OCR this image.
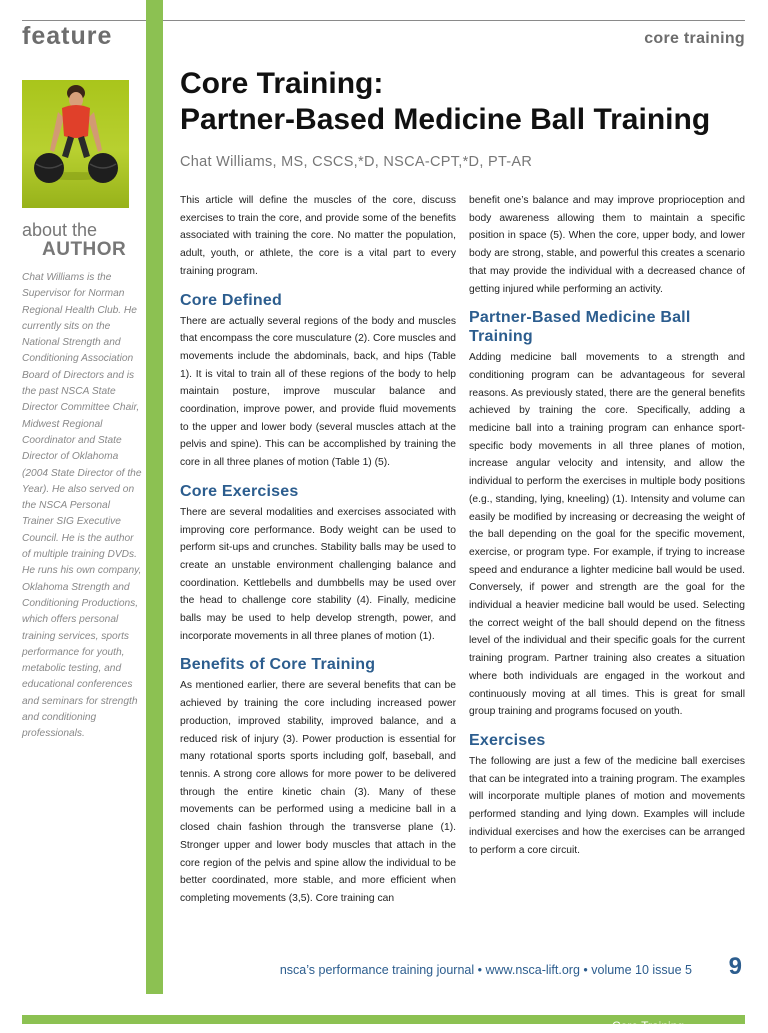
feature	core training
about the
AUTHOR
Chat Williams is the Supervisor for Norman Regional Health Club. He currently sits on the National Strength and Conditioning Association Board of Directors and is the past NSCA State Director Committee Chair, Midwest Regional Coordinator and State Director of Oklahoma (2004 State Director of the Year). He also served on the NSCA Personal Trainer SIG Executive Council. He is the author of multiple training DVDs. He runs his own company, Oklahoma Strength and Conditioning Productions, which offers personal training services, sports performance for youth, metabolic testing, and educational conferences and seminars for strength and conditioning professionals.
Core Training:
Partner-Based Medicine Ball Training
Chat Williams, MS, CSCS,*D, NSCA-CPT,*D, PT-AR

This article will define the muscles of the core, discuss exercises to train the core, and provide some of the benefits associated with training the core. No matter the population, adult, youth, or athlete, the core is a vital part to every training program.

Core Defined

There are actually several regions of the body and muscles that encompass the core musculature (2). Core muscles and movements include the abdominals, back, and hips (Table 1). It is vital to train all of these regions of the body to help maintain posture, improve muscular balance and coordination, improve power, and provide fluid movements to the upper and lower body (several muscles attach at the pelvis and spine). This can be accomplished by training the core in all three planes of motion (Table 1) (5).

Core Exercises

There are several modalities and exercises associated with improving core performance. Body weight can be used to perform sit-ups and crunches. Stability balls may be used to create an unstable environment challenging balance and coordination. Kettlebells and dumbbells may be used over the head to challenge core stability (4). Finally, medicine balls may be used to help develop strength, power, and incorporate movements in all three planes of motion (1).

Benefits of Core Training

As mentioned earlier, there are several benefits that can be achieved by training the core including increased power production, improved stability, improved balance, and a reduced risk of injury (3). Power production is essential for many rotational sports sports including golf, baseball, and tennis. A strong core allows for more power to be delivered through the entire kinetic chain (3). Many of these movements can be performed using a medicine ball in a closed chain fashion through the transverse plane (1). Stronger upper and lower body muscles that attach in the core region of the pelvis and spine allow the individual to be better coordinated, more stable, and more efficient when completing movements (3,5). Core training can

benefit one’s balance and may improve proprioception and body awareness allowing them to maintain a specific position in space (5). When the core, upper body, and lower body are strong, stable, and powerful this creates a scenario that may provide the individual with a decreased chance of getting injured while performing an activity.

Partner-Based Medicine Ball Training

Adding medicine ball movements to a strength and conditioning program can be advantageous for several reasons. As previously stated, there are the general benefits achieved by training the core. Specifically, adding a medicine ball into a training program can enhance sport-specific body movements in all three planes of motion, increase angular velocity and intensity, and allow the individual to perform the exercises in multiple body positions (e.g., standing, lying, kneeling) (1). Intensity and volume can easily be modified by increasing or decreasing the weight of the ball depending on the goal for the specific movement, exercise, or program type. For example, if trying to increase speed and endurance a lighter medicine ball would be used. Conversely, if power and strength are the goal for the individual a heavier medicine ball would be used. Selecting the correct weight of the ball should depend on the fitness level of the individual and their specific goals for the current training program. Partner training also creates a situation where both individuals are engaged in the workout and continuously moving at all times. This is great for small group training and programs focused on youth.

Exercises

The following are just a few of the medicine ball exercises that can be integrated into a training program. The examples will incorporate multiple planes of motion and movements performed standing and lying down. Examples will include individual exercises and how the exercises can be arranged to perform a core circuit.

nsca’s performance training journal • www.nsca-lift.org • volume 10 issue 5 9
Core Training
